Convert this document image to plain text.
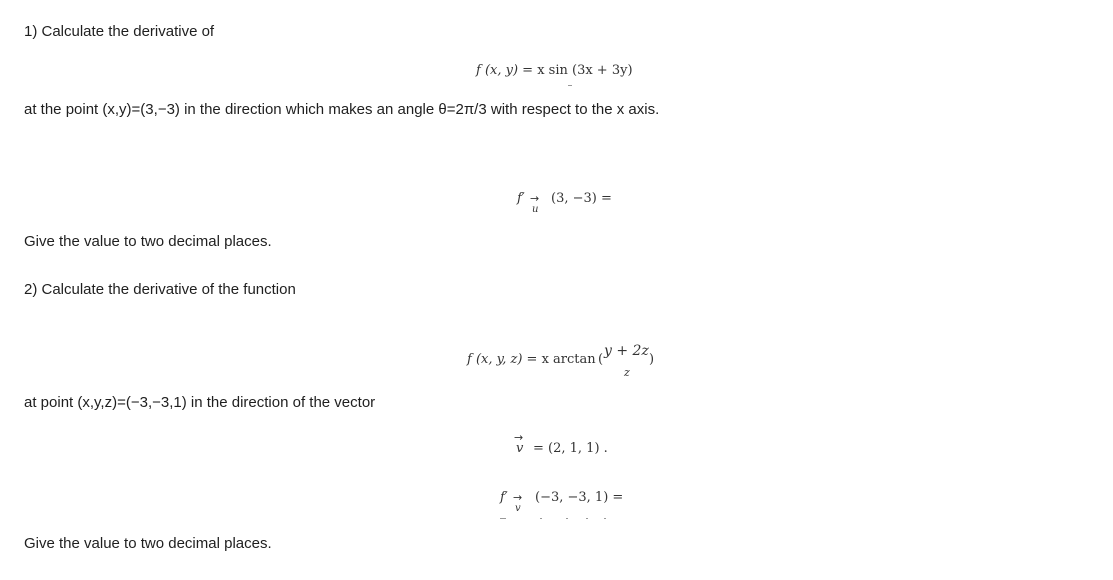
1) Calculate the derivative of
f (x, y) = x sin (3x + 3y)
at the point (x,y)=(3,−3) in the direction which makes an angle θ=2π/3 with respect to the x axis.
f′ →
u
(3, −3) =
Give the value to two decimal places.
2) Calculate the derivative of the function
f (x, y, z) = x arctan (
y + 2z
z
)
at point (x,y,z)=(−3,−3,1) in the direction of the vector
→
v = (2, 1, 1) .
f′ →
v
(−3, −3, 1) =
Give the value to two decimal places.
